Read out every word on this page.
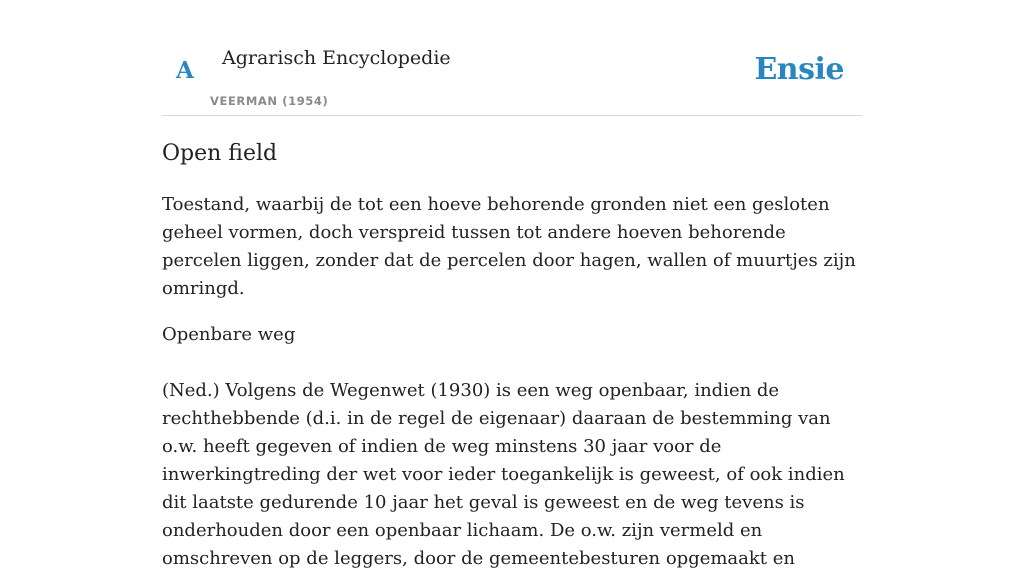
A Agrarisch Encyclopedie
VEERMAN (1954)
Ensie
Open field

Toestand, waarbij de tot een hoeve behorende gronden niet een gesloten geheel vormen, doch verspreid tussen tot andere hoeven behorende percelen liggen, zonder dat de percelen door hagen, wallen of muurtjes zijn omringd.

Openbare weg

(Ned.) Volgens de Wegenwet (1930) is een weg openbaar, indien de rechthebbende (d.i. in de regel de eigenaar) daaraan de bestemming van o.w. heeft gegeven of indien de weg minstens 30 jaar voor de inwerkingtreding der wet voor ieder toegankelijk is geweest, of ook indien dit laatste gedurende 10 jaar het geval is geweest en de weg tevens is onderhouden door een openbaar lichaam. De o.w. zijn vermeld en omschreven op de leggers, door de gemeentebesturen opgemaakt en
